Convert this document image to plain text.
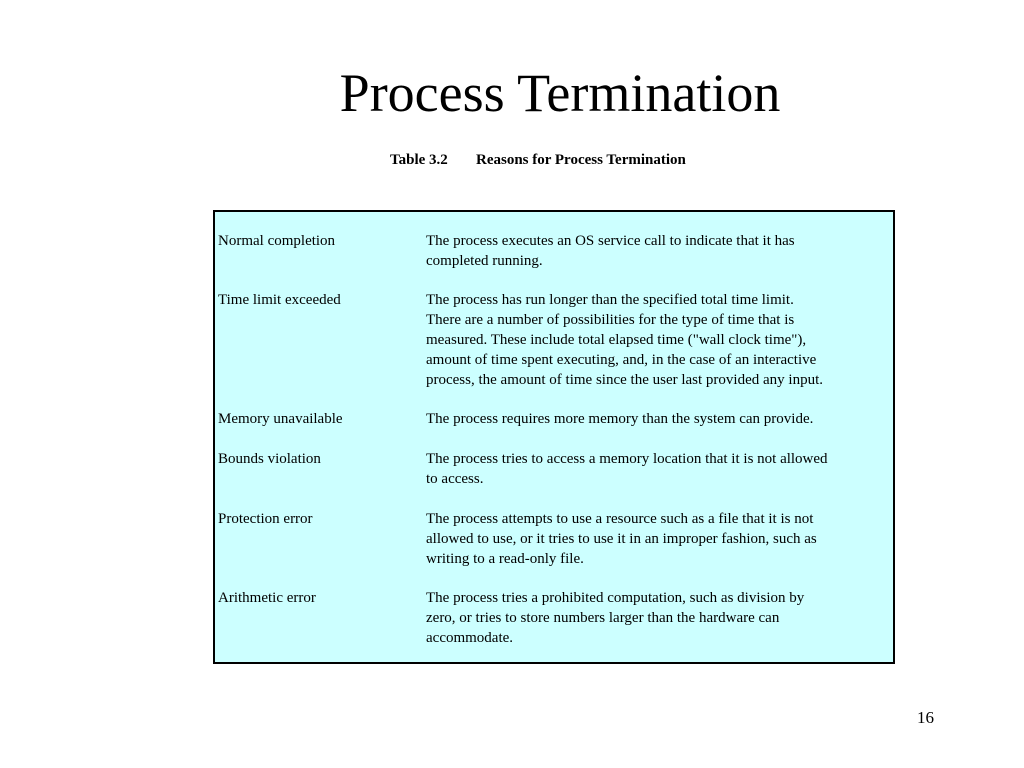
Process Termination
Table 3.2 Reasons for Process Termination
Normal completion	The process executes an OS service call to indicate that it has
completed running.
Time limit exceeded	The process has run longer than the specified total time limit.
There are a number of possibilities for the type of time that is
measured. These include total elapsed time ("wall clock time"),
amount of time spent executing, and, in the case of an interactive
process, the amount of time since the user last provided any input.
Memory unavailable	The process requires more memory than the system can provide.
Bounds violation	The process tries to access a memory location that it is not allowed
to access.
Protection error	The process attempts to use a resource such as a file that it is not
allowed to use, or it tries to use it in an improper fashion, such as
writing to a read-only file.
Arithmetic error	The process tries a prohibited computation, such as division by
zero, or tries to store numbers larger than the hardware can
accommodate.
16
